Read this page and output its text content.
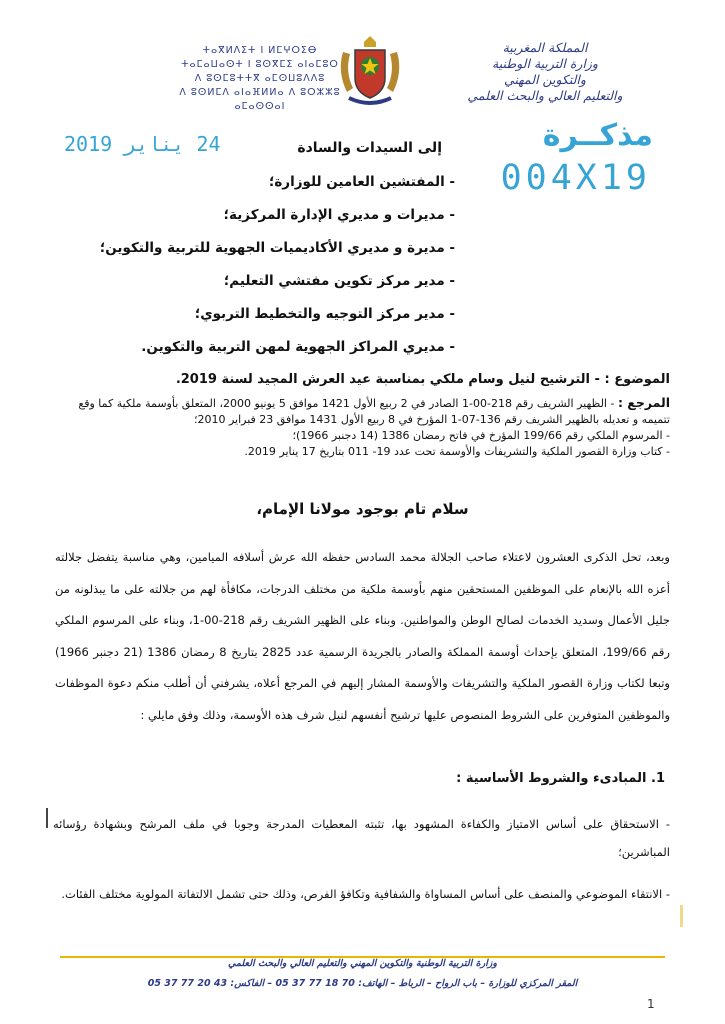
ⵜⴰⴳⵍⴷⵉⵜ ⵏ ⵍⵎⵖⵔⵉⴱ
ⵜⴰⵎⴰⵡⴰⵙⵜ ⵏ ⵓⵙⴳⵎⵉ ⴰⵏⴰⵎⵓⵔ
ⴷ ⵓⵙⵎⵓⵜⵜⴳ ⴰⵎⵙⵡⵓⴷⴷⵓ
ⴷ ⵓⵙⵍⵎⴷ ⴰⵏⴰⴼⵍⵍⴰ ⴷ ⵓⵔⵣⵣⵓ ⴰⵎⴰⵙⵙⴰⵏ
المملكة المغربية
وزارة التربية الوطنية
والتكوين المهني
والتعليم العالي والبحث العلمي
مذكــرة
004X19
24 يناير 2019	إلى السيدات والسادة
- المفتشين العامين للوزارة؛
- مديرات و مديري الإدارة المركزية؛
- مديرة و مديري الأكاديميات الجهوية للتربية والتكوين؛
- مدير مركز تكوين مفتشي التعليم؛
- مدير مركز التوجيه والتخطيط التربوي؛
- مديري المراكز الجهوية لمهن التربية والتكوين.
الموضوع : - الترشيح لنيل وسام ملكي بمناسبة عيد العرش المجيد لسنة 2019.

المرجع : - الظهير الشريف رقم 218-00-1 الصادر في 2 ربيع الأول 1421 موافق 5 يونيو 2000، المتعلق بأوسمة ملكية كما وقع تتميمه و تعديله بالظهير الشريف رقم 136-07-1 المؤرخ في 8 ربيع الأول 1431 موافق 23 فبراير 2010؛

- المرسوم الملكي رقم 199/66 المؤرخ في فاتح رمضان 1386 (14 دجنبر 1966)؛

- كتاب وزارة القصور الملكية والتشريفات والأوسمة تحت عدد 19- 011 بتاريخ 17 يناير 2019.

سلام تام بوجود مولانا الإمام،

وبعد، تحل الذكرى العشرون لاعتلاء صاحب الجلالة محمد السادس حفظه الله عرش أسلافه الميامين، وهي مناسبة يتفضل جلالته أعزه الله بالإنعام على الموظفين المستحقين منهم بأوسمة ملكية من مختلف الدرجات، مكافأة لهم من جلالته على ما يبذلونه من جليل الأعمال وسديد الخدمات لصالح الوطن والمواطنين. وبناء على الظهير الشريف رقم 218-00-1، وبناء على المرسوم الملكي رقم 199/66، المتعلق بإحداث أوسمة المملكة والصادر بالجريدة الرسمية عدد 2825 بتاريخ 8 رمضان 1386 (21 دجنبر 1966) وتبعا لكتاب وزارة القصور الملكية والتشريفات والأوسمة المشار إليهم في المرجع أعلاه، يشرفني أن أطلب منكم دعوة الموظفات والموظفين المتوفرين على الشروط المنصوص عليها ترشيح أنفسهم لنيل شرف هذه الأوسمة، وذلك وفق مايلي :

1. المبادىء والشروط الأساسية :
- الاستحقاق على أساس الامتياز والكفاءة المشهود بها، تثبته المعطيات المدرجة وجوبا في ملف المرشح وبشهادة رؤسائه المباشرين؛
- الانتقاء الموضوعي والمنصف على أساس المساواة والشفافية وتكافؤ الفرص، وذلك حتى تشمل الالتفاتة المولوية مختلف الفئات.
وزارة التربية الوطنية والتكوين المهني والتعليم العالي والبحث العلمي
المقر المركزي للوزارة – باب الرواح – الرباط – الهاتف: 70 18 77 37 05 – الفاكس: 43 20 77 37 05
1
